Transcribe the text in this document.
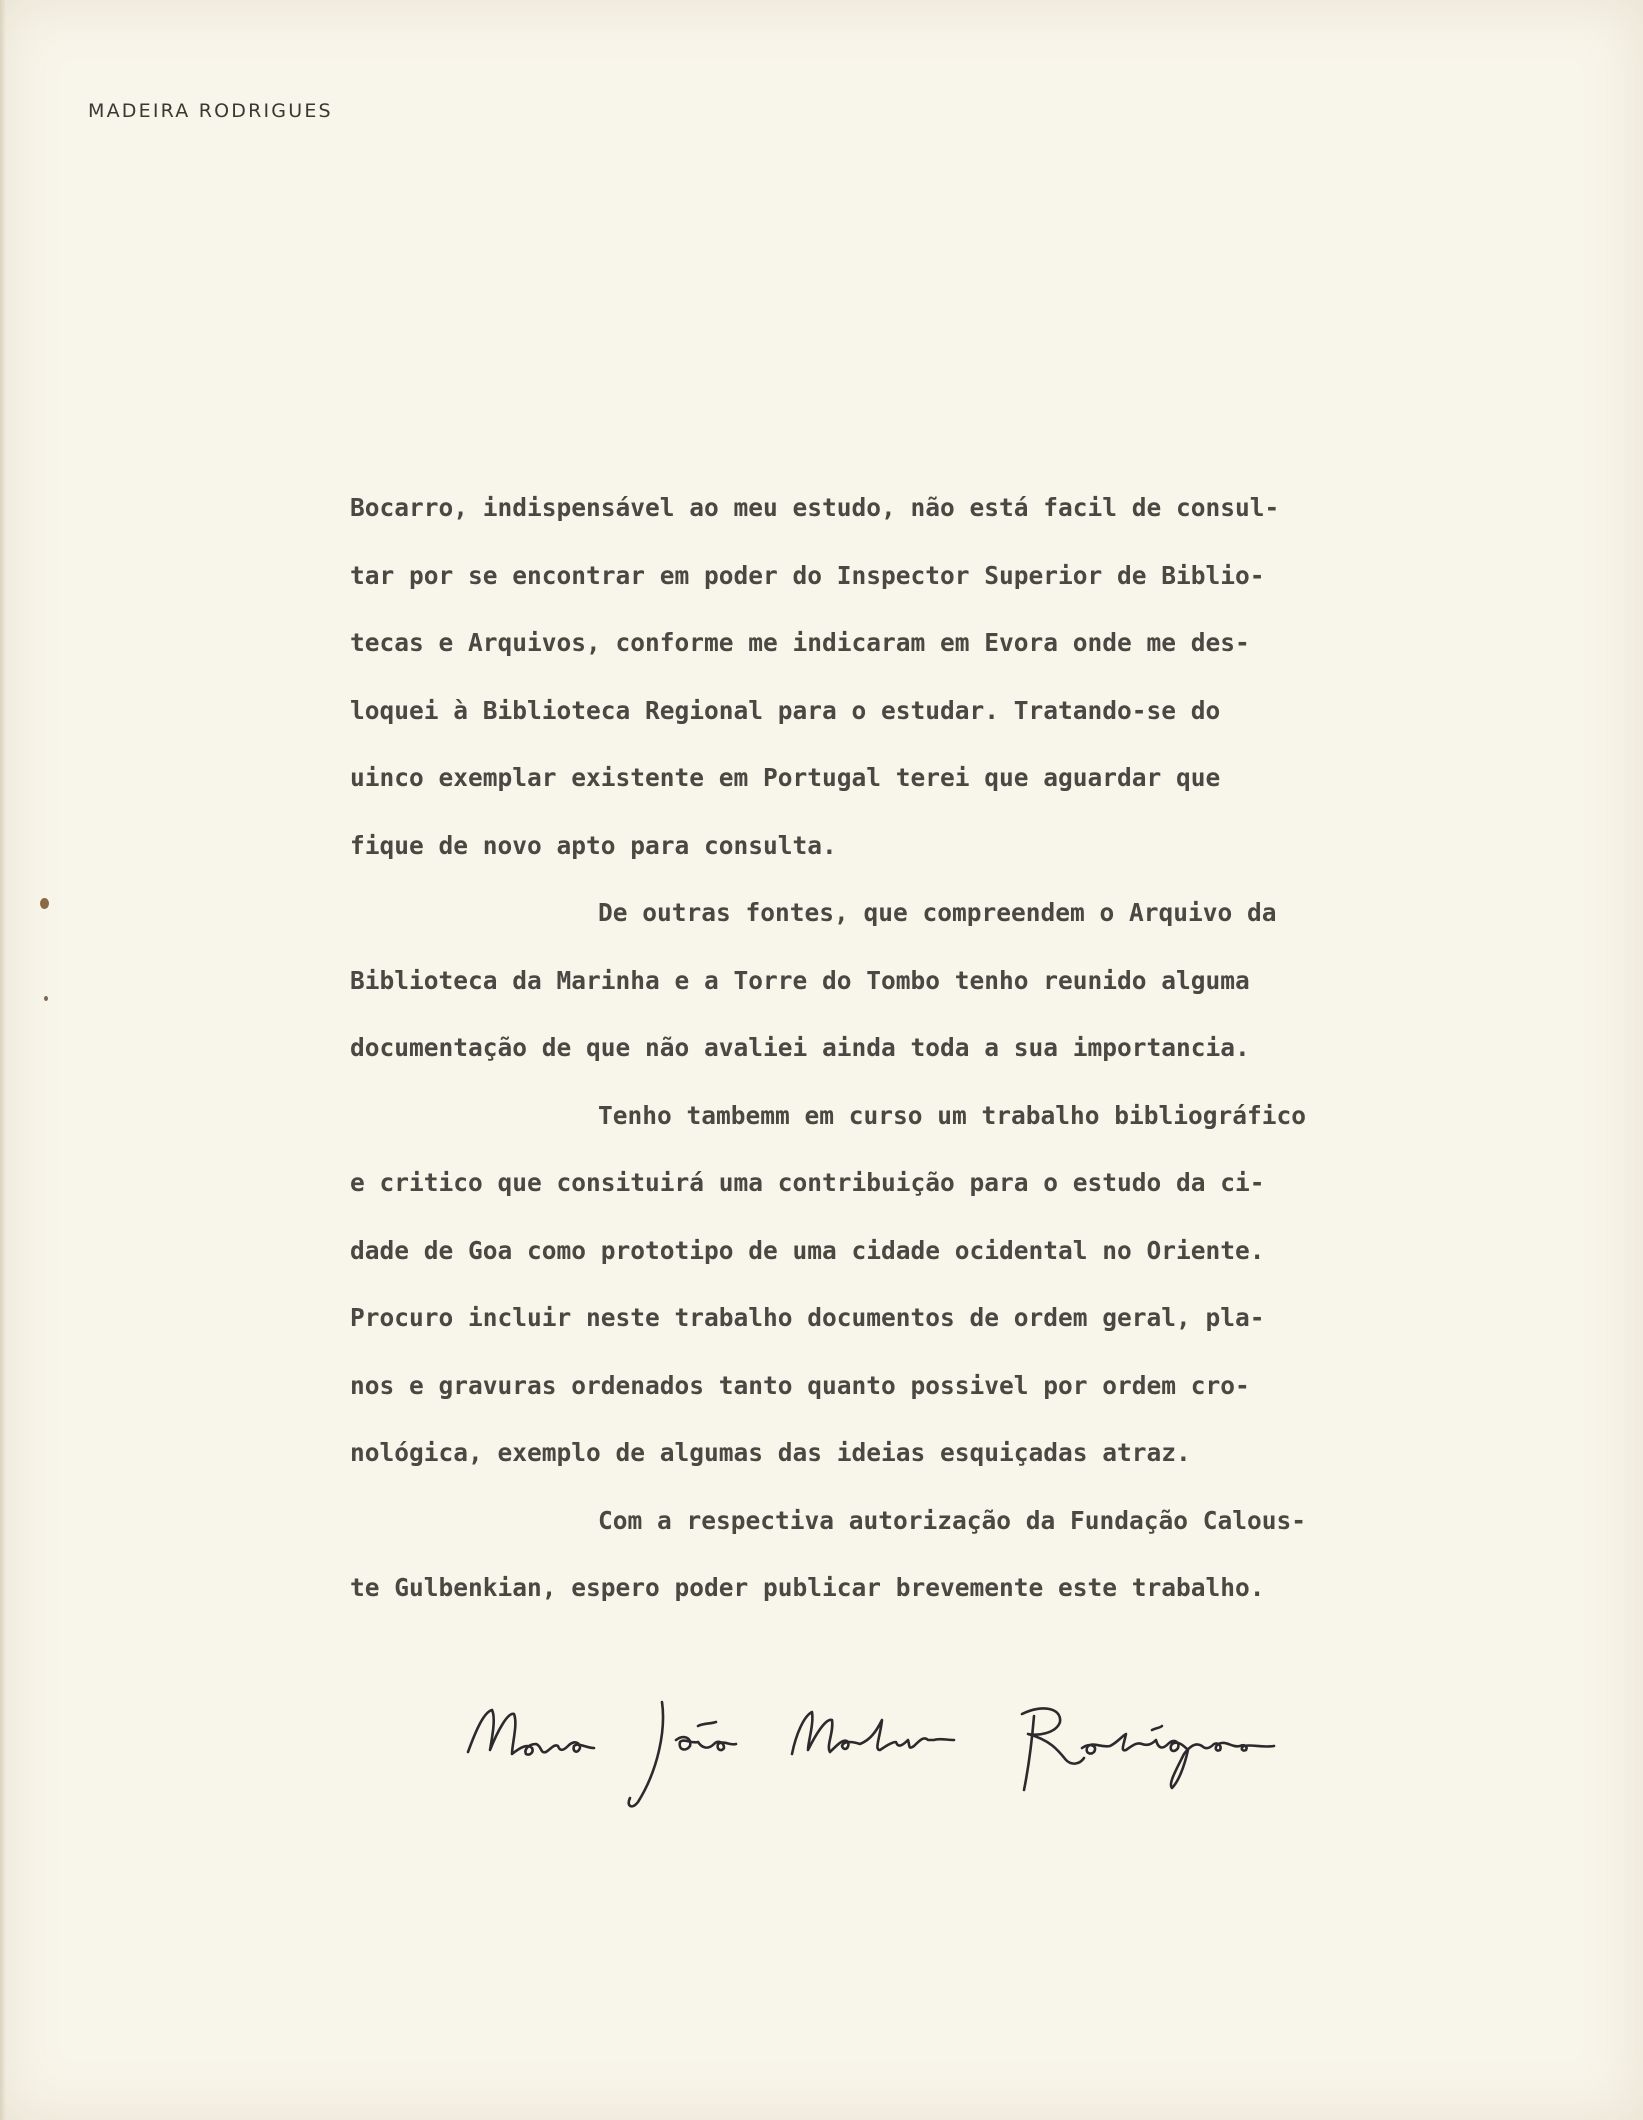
MADEIRA RODRIGUES
Bocarro, indispensável ao meu estudo, não está facil de consul-
tar por se encontrar em poder do Inspector Superior de Biblio-
tecas e Arquivos, conforme me indicaram em Evora onde me des-
loquei à Biblioteca Regional para o estudar. Tratando-se do
uinco exemplar existente em Portugal terei que aguardar que
fique de novo apto para consulta.
De outras fontes, que compreendem o Arquivo da
Biblioteca da Marinha e a Torre do Tombo tenho reunido alguma
documentação de que não avaliei ainda toda a sua importancia.
Tenho tambemm em curso um trabalho bibliográfico
e critico que consituirá uma contribuição para o estudo da ci-
dade de Goa como prototipo de uma cidade ocidental no Oriente.
Procuro incluir neste trabalho documentos de ordem geral, pla-
nos e gravuras ordenados tanto quanto possivel por ordem cro-
nológica, exemplo de algumas das ideias esquiçadas atraz.
Com a respectiva autorização da Fundação Calous-
te Gulbenkian, espero poder publicar brevemente este trabalho.
